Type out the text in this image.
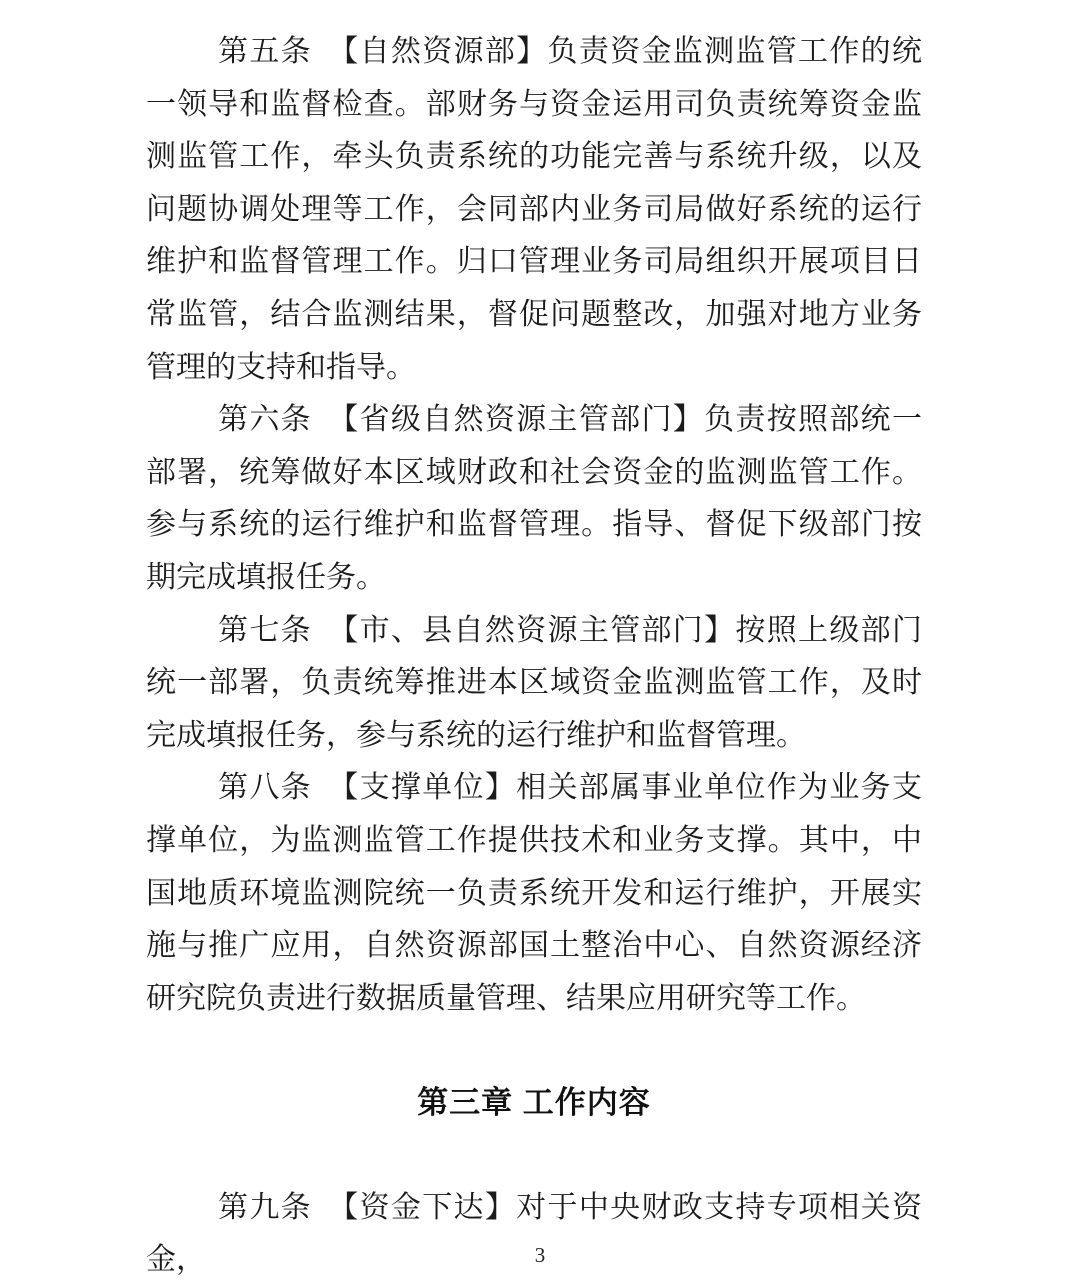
第五条　【自然资源部】负责资金监测监管工作的统一领导和监督检查。部财务与资金运用司负责统筹资金监测监管工作，牵头负责系统的功能完善与系统升级，以及问题协调处理等工作，会同部内业务司局做好系统的运行维护和监督管理工作。归口管理业务司局组织开展项目日常监管，结合监测结果，督促问题整改，加强对地方业务管理的支持和指导。

第六条　【省级自然资源主管部门】负责按照部统一部署，统筹做好本区域财政和社会资金的监测监管工作。参与系统的运行维护和监督管理。指导、督促下级部门按期完成填报任务。

第七条　【市、县自然资源主管部门】按照上级部门统一部署，负责统筹推进本区域资金监测监管工作，及时完成填报任务，参与系统的运行维护和监督管理。

第八条　【支撑单位】相关部属事业单位作为业务支撑单位，为监测监管工作提供技术和业务支撑。其中，中国地质环境监测院统一负责系统开发和运行维护，开展实施与推广应用，自然资源部国土整治中心、自然资源经济研究院负责进行数据质量管理、结果应用研究等工作。

第三章 工作内容

第九条　【资金下达】对于中央财政支持专项相关资金，	3
